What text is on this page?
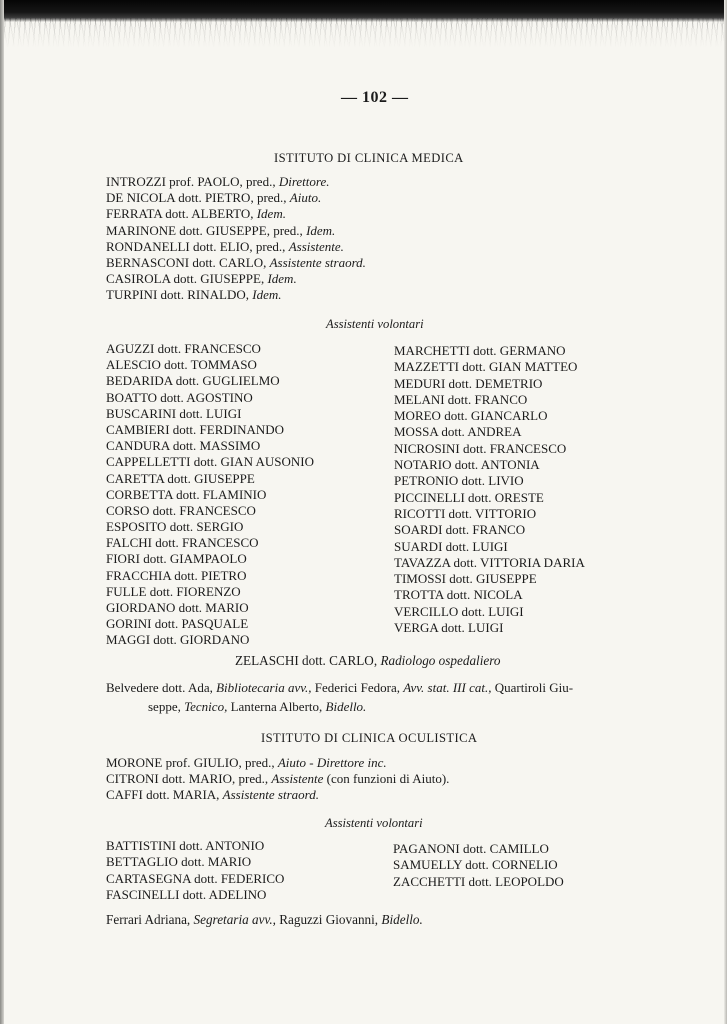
— 102 —
ISTITUTO DI CLINICA MEDICA
INTROZZI prof. PAOLO, pred., Direttore.
DE NICOLA dott. PIETRO, pred., Aiuto.
FERRATA dott. ALBERTO, Idem.
MARINONE dott. GIUSEPPE, pred., Idem.
RONDANELLI dott. ELIO, pred., Assistente.
BERNASCONI dott. CARLO, Assistente straord.
CASIROLA dott. GIUSEPPE, Idem.
TURPINI dott. RINALDO, Idem.
Assistenti volontari
AGUZZI dott. FRANCESCO
ALESCIO dott. TOMMASO
BEDARIDA dott. GUGLIELMO
BOATTO dott. AGOSTINO
BUSCARINI dott. LUIGI
CAMBIERI dott. FERDINANDO
CANDURA dott. MASSIMO
CAPPELLETTI dott. GIAN AUSONIO
CARETTA dott. GIUSEPPE
CORBETTA dott. FLAMINIO
CORSO dott. FRANCESCO
ESPOSITO dott. SERGIO
FALCHI dott. FRANCESCO
FIORI dott. GIAMPAOLO
FRACCHIA dott. PIETRO
FULLE dott. FIORENZO
GIORDANO dott. MARIO
GORINI dott. PASQUALE
MAGGI dott. GIORDANO
MARCHETTI dott. GERMANO
MAZZETTI dott. GIAN MATTEO
MEDURI dott. DEMETRIO
MELANI dott. FRANCO
MOREO dott. GIANCARLO
MOSSA dott. ANDREA
NICROSINI dott. FRANCESCO
NOTARIO dott. ANTONIA
PETRONIO dott. LIVIO
PICCINELLI dott. ORESTE
RICOTTI dott. VITTORIO
SOARDI dott. FRANCO
SUARDI dott. LUIGI
TAVAZZA dott. VITTORIA DARIA
TIMOSSI dott. GIUSEPPE
TROTTA dott. NICOLA
VERCILLO dott. LUIGI
VERGA dott. LUIGI
ZELASCHI dott. CARLO, Radiologo ospedaliero
Belvedere dott. Ada, Bibliotecaria avv., Federici Fedora, Avv. stat. III cat., Quartiroli Giu-
seppe, Tecnico, Lanterna Alberto, Bidello.
ISTITUTO DI CLINICA OCULISTICA
MORONE prof. GIULIO, pred., Aiuto - Direttore inc.
CITRONI dott. MARIO, pred., Assistente (con funzioni di Aiuto).
CAFFI dott. MARIA, Assistente straord.
Assistenti volontari
BATTISTINI dott. ANTONIO
BETTAGLIO dott. MARIO
CARTASEGNA dott. FEDERICO
FASCINELLI dott. ADELINO
PAGANONI dott. CAMILLO
SAMUELLY dott. CORNELIO
ZACCHETTI dott. LEOPOLDO
Ferrari Adriana, Segretaria avv., Raguzzi Giovanni, Bidello.
